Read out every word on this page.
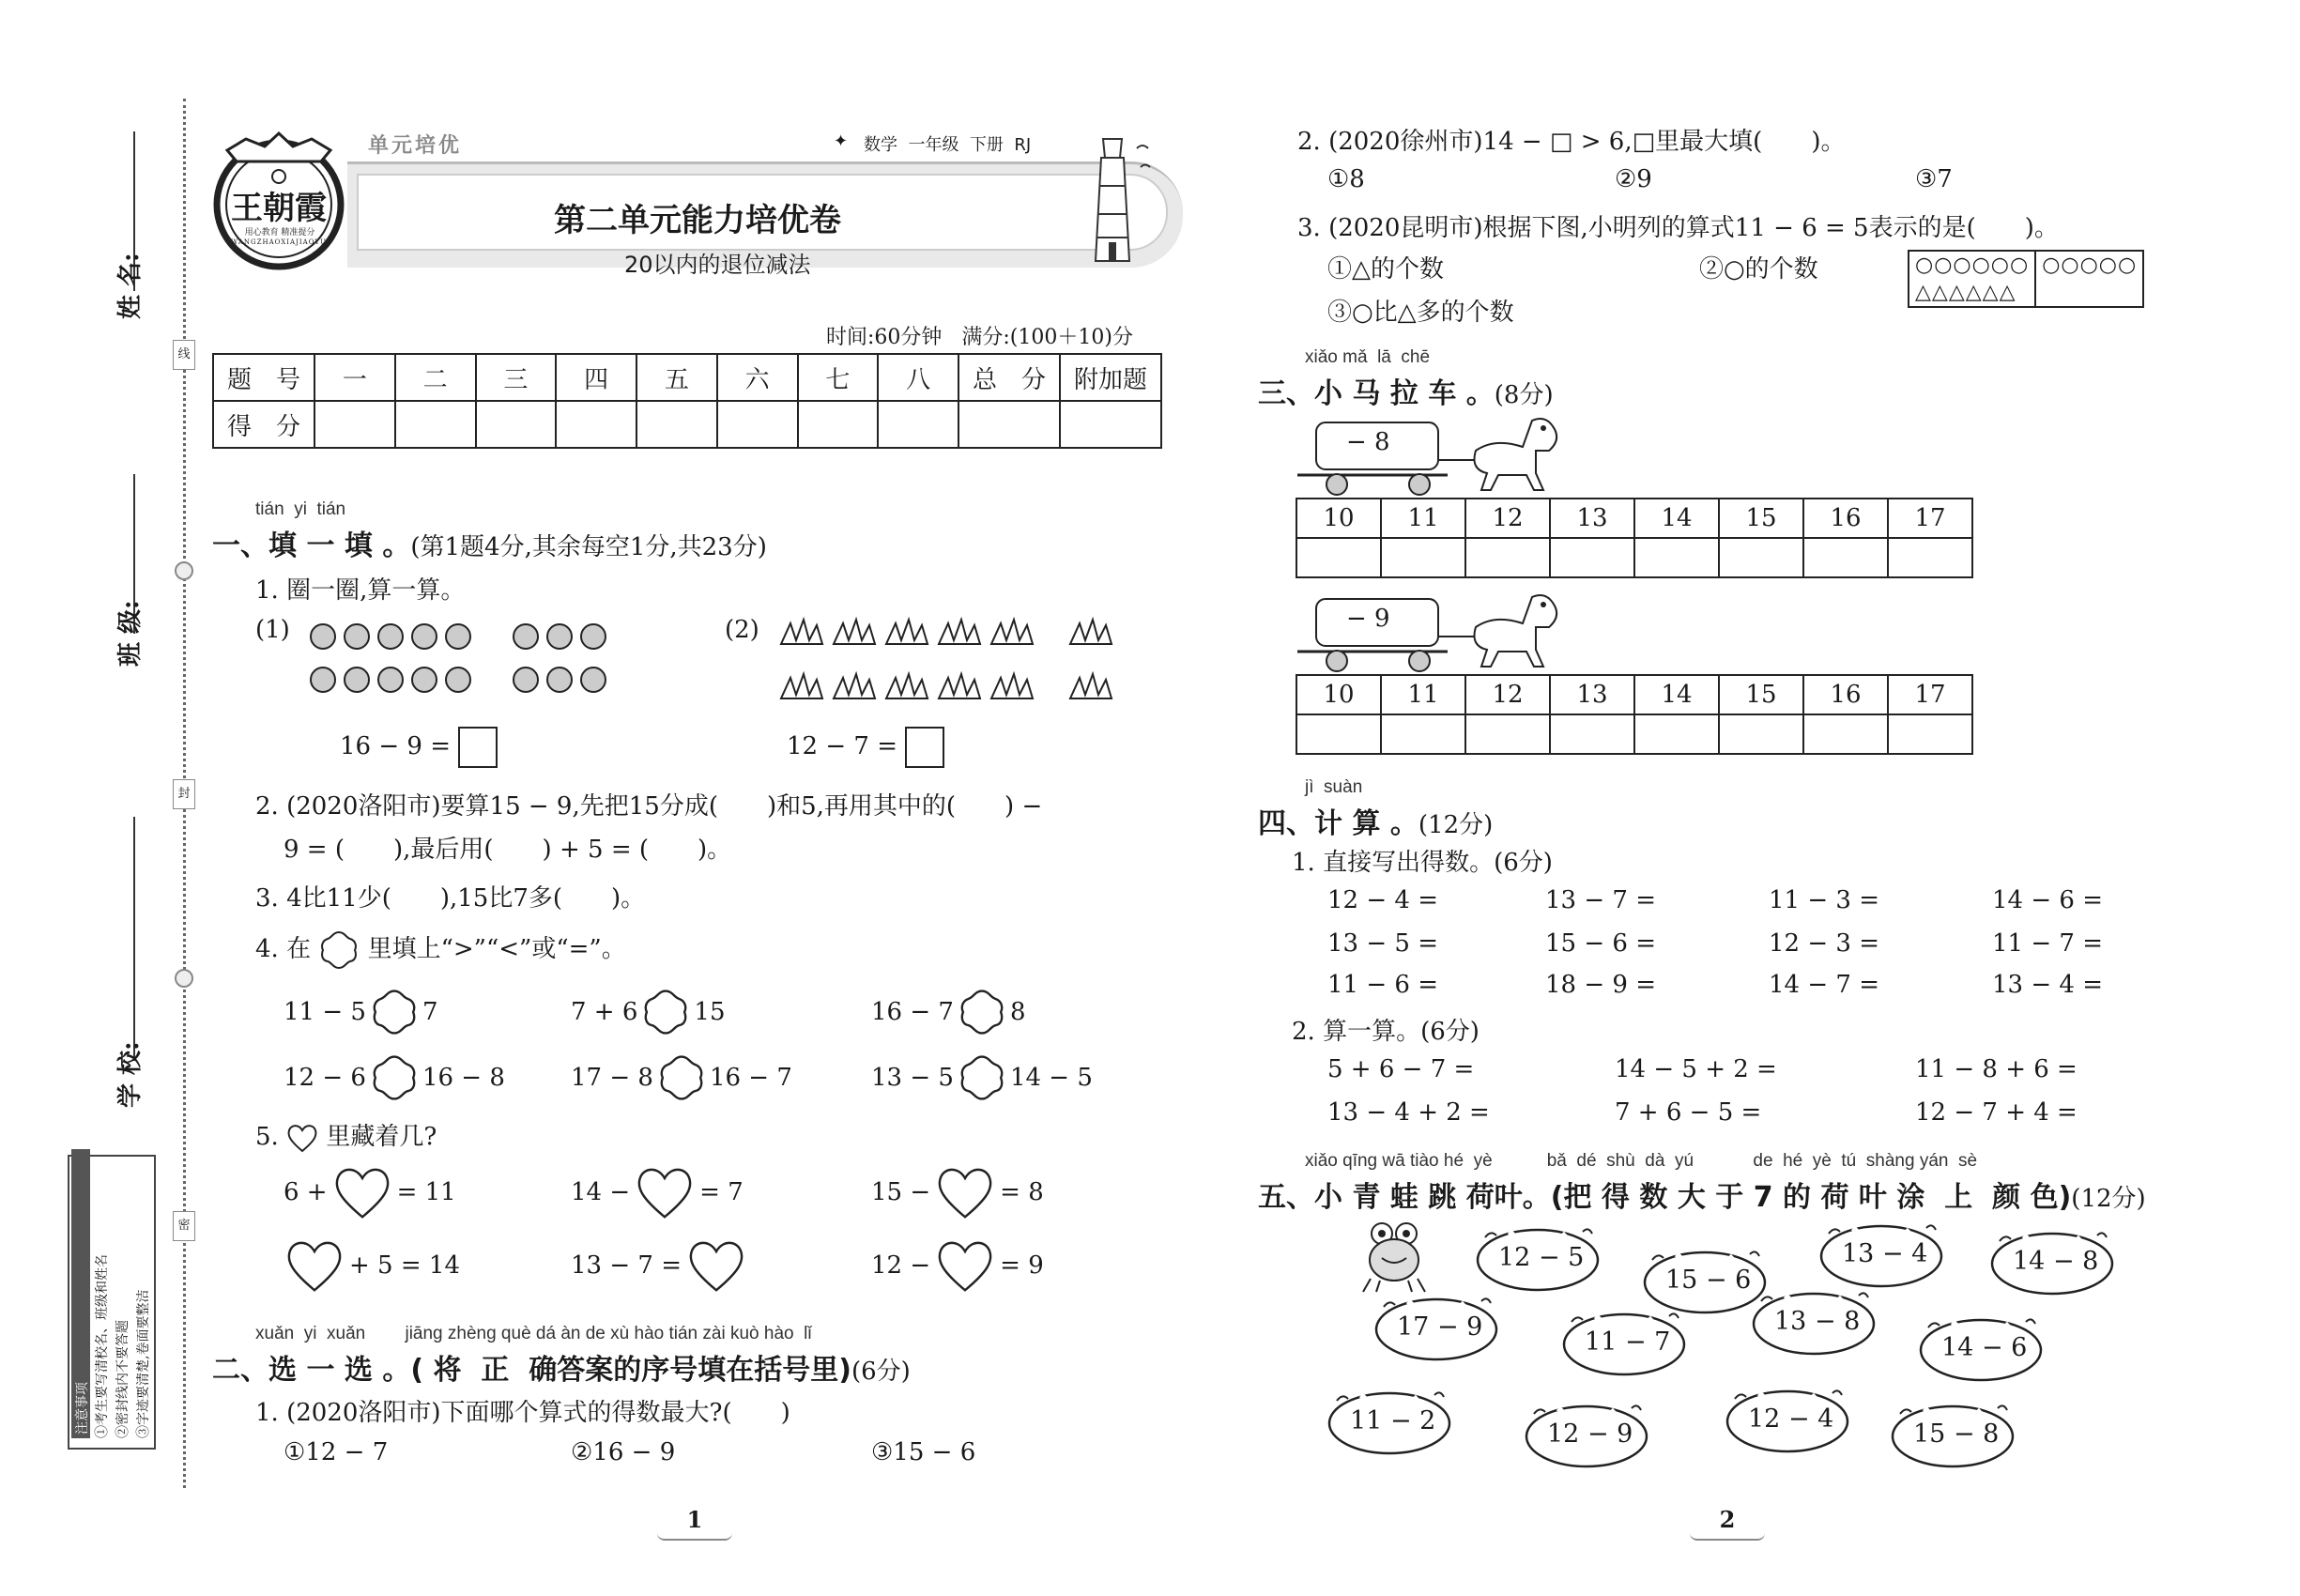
姓 名:
班 级:
学 校:
线
封
密
注意事项 ①考生要写清校名、班级和姓名 ②密封线内不要答题 ③字迹要清楚,卷面要整洁
王朝霞
用心教育 精准提分
WANGZHAOXIAJIAOYU
单元培优	✦ 数学  一年级  下册  RJ
第二单元能力培优卷
20以内的退位减法
时间:60分钟   满分:(100＋10)分
题　号	一	二	三	四	五	六	七	八	总　分	附加题
得　分										
tián  yi  tián
一、填 一 填 。(第1题4分,其余每空1分,共23分)
1. 圈一圈,算一算。
(1)	(2)
16 − 9 =	12 − 7 =
2. (2020洛阳市)要算15 − 9,先把15分成(　　)和5,再用其中的(　　) −
9 = (　　),最后用(　　) + 5 = (　　)。
3. 4比11少(　　),15比7多(　　)。
4. 在 里填上“>”“<”或“=”。
5. 里藏着几?
xuǎn  yi  xuǎn        jiāng zhèng què dá àn de xù hào tián zài kuò hào  lǐ
二、选 一 选 。( 将  正  确答案的序号填在括号里)(6分)
1. (2020洛阳市)下面哪个算式的得数最大?(　　)
①12 − 7	②16 − 9	③15 − 6
1
2. (2020徐州市)14 − □ > 6,□里最大填(　　)。
①8	②9	③7
3. (2020昆明市)根据下图,小明列的算式11 − 6 = 5表示的是(　　)。
①△的个数	②○的个数
③○比△多的个数
○○○○○○	○○○○○
△△△△△△	
xiǎo mǎ  lā  chē
三、小 马 拉 车 。(8分)
− 8
10	11	12	13	14	15	16	17

− 9
10	11	12	13	14	15	16	17

jì  suàn
四、计 算 。(12分)
1. 直接写出得数。(6分)
2. 算一算。(6分)
xiǎo qīng wā tiào hé  yè           bǎ  dé  shù  dà  yú            de  hé  yè  tú  shàng yán  sè
五、小 青 蛙 跳 荷叶。(把 得 数 大 于 7 的 荷 叶 涂  上  颜 色)(12分)
2
11 − 5 7	7 + 6 15	16 − 7 8
12 − 6 16 − 8	17 − 8 16 − 7	13 − 5 14 − 5
6 +	= 11	14 −	= 7	15 −	= 8
+ 5 = 14	13 − 7 =	12 −	= 9
12 − 4 =	13 − 7 =	11 − 3 =	14 − 6 =
13 − 5 =	15 − 6 =	12 − 3 =	11 − 7 =
11 − 6 =	18 − 9 =	14 − 7 =	13 − 4 =
5 + 6 − 7 =	14 − 5 + 2 =	11 − 8 + 6 =
13 − 4 + 2 =	7 + 6 − 5 =	12 − 7 + 4 =
12 − 5
15 − 6
13 − 4	14 − 8
17 − 9
11 − 7
13 − 8
14 − 6
11 − 2	12 − 9
12 − 4
15 − 8
